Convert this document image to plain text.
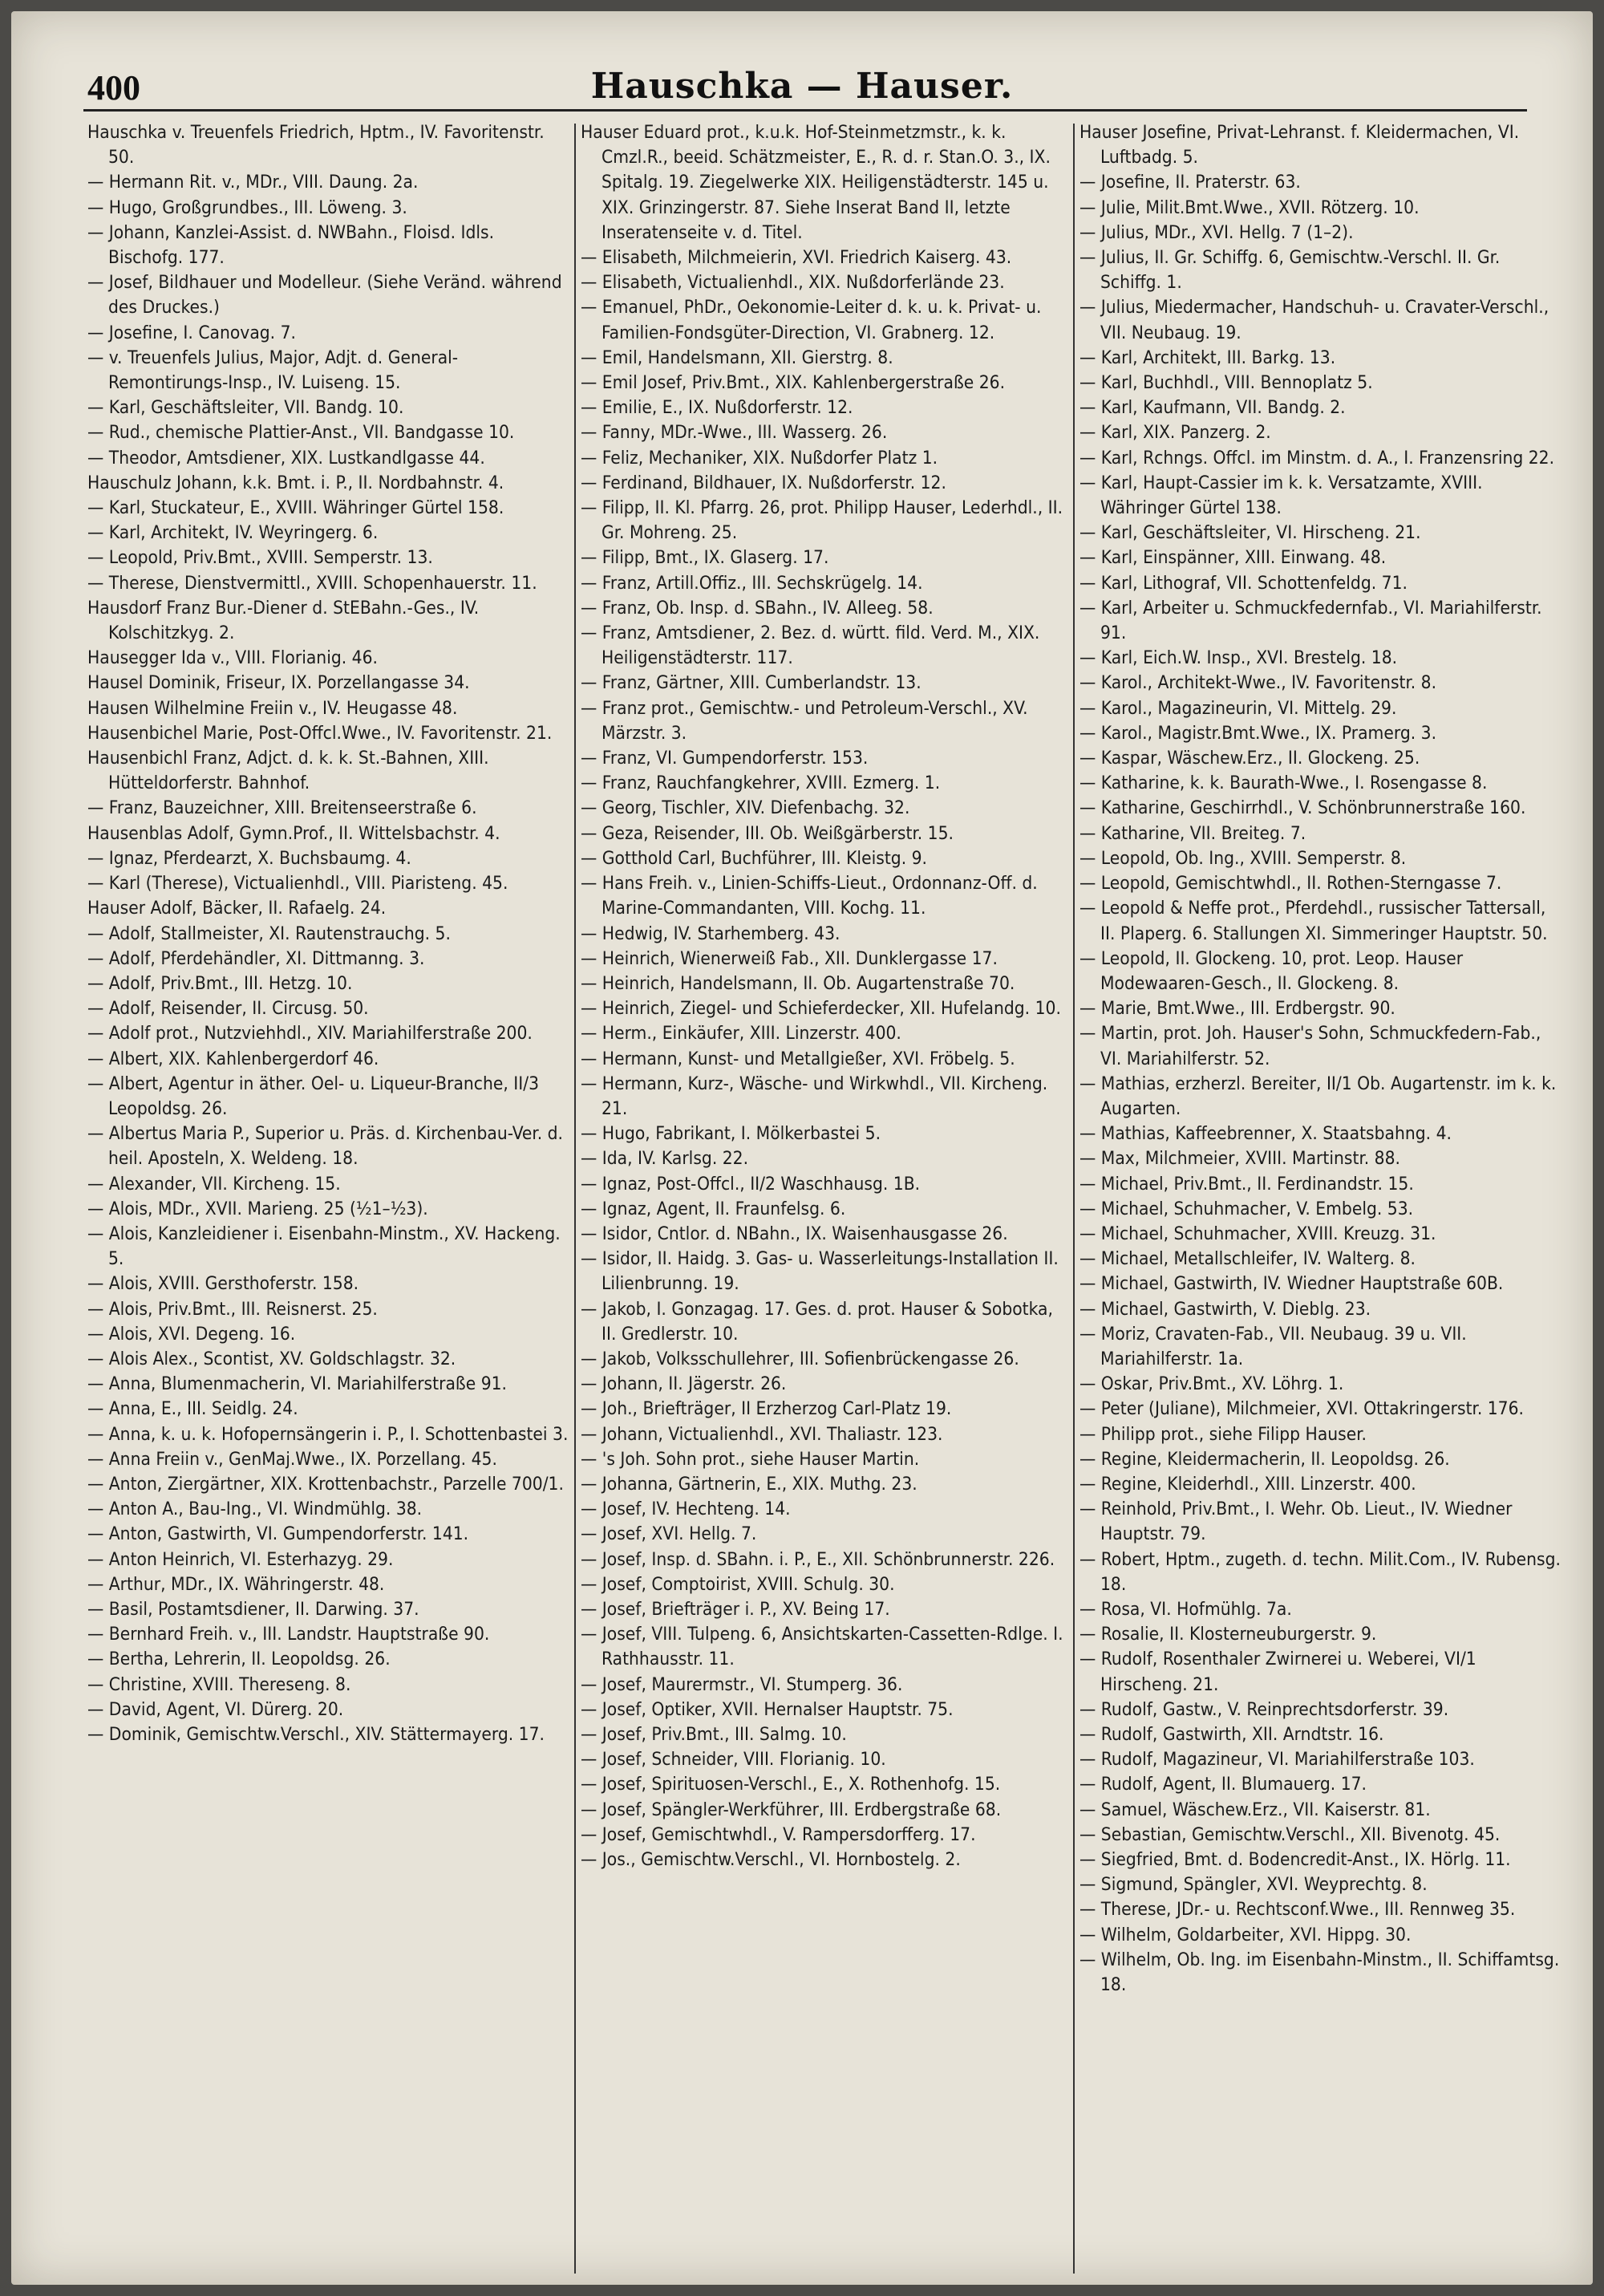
400	Hauschka — Hauser.

Hauschka v. Treuenfels Friedrich, Hptm., IV. Favoritenstr. 50.

— Hermann Rit. v., MDr., VIII. Daung. 2a.

— Hugo, Großgrundbes., III. Löweng. 3.

— Johann, Kanzlei-Assist. d. NWBahn., Floisd. Idls. Bischofg. 177.

— Josef, Bildhauer und Modelleur. (Siehe Veränd. während des Druckes.)

— Josefine, I. Canovag. 7.

— v. Treuenfels Julius, Major, Adjt. d. General-Remontirungs-Insp., IV. Luiseng. 15.

— Karl, Geschäftsleiter, VII. Bandg. 10.

— Rud., chemische Plattier-Anst., VII. Bandgasse 10.

— Theodor, Amtsdiener, XIX. Lustkandlgasse 44.

Hauschulz Johann, k.k. Bmt. i. P., II. Nordbahnstr. 4.

— Karl, Stuckateur, E., XVIII. Währinger Gürtel 158.

— Karl, Architekt, IV. Weyringerg. 6.

— Leopold, Priv.Bmt., XVIII. Semperstr. 13.

— Therese, Dienstvermittl., XVIII. Schopenhauerstr. 11.

Hausdorf Franz Bur.-Diener d. StEBahn.-Ges., IV. Kolschitzkyg. 2.

Hausegger Ida v., VIII. Florianig. 46.

Hausel Dominik, Friseur, IX. Porzellangasse 34.

Hausen Wilhelmine Freiin v., IV. Heugasse 48.

Hausenbichel Marie, Post-Offcl.Wwe., IV. Favoritenstr. 21.

Hausenbichl Franz, Adjct. d. k. k. St.-Bahnen, XIII. Hütteldorferstr. Bahnhof.

— Franz, Bauzeichner, XIII. Breitenseerstraße 6.

Hausenblas Adolf, Gymn.Prof., II. Wittelsbachstr. 4.

— Ignaz, Pferdearzt, X. Buchsbaumg. 4.

— Karl (Therese), Victualienhdl., VIII. Piaristeng. 45.

Hauser Adolf, Bäcker, II. Rafaelg. 24.

— Adolf, Stallmeister, XI. Rautenstrauchg. 5.

— Adolf, Pferdehändler, XI. Dittmanng. 3.

— Adolf, Priv.Bmt., III. Hetzg. 10.

— Adolf, Reisender, II. Circusg. 50.

— Adolf prot., Nutzviehhdl., XIV. Mariahilferstraße 200.

— Albert, XIX. Kahlenbergerdorf 46.

— Albert, Agentur in äther. Oel- u. Liqueur-Branche, II/3 Leopoldsg. 26.

— Albertus Maria P., Superior u. Präs. d. Kirchenbau-Ver. d. heil. Aposteln, X. Weldeng. 18.

— Alexander, VII. Kircheng. 15.

— Alois, MDr., XVII. Marieng. 25 (½1–½3).

— Alois, Kanzleidiener i. Eisenbahn-Minstm., XV. Hackeng. 5.

— Alois, XVIII. Gersthoferstr. 158.

— Alois, Priv.Bmt., III. Reisnerst. 25.

— Alois, XVI. Degeng. 16.

— Alois Alex., Scontist, XV. Goldschlagstr. 32.

— Anna, Blumenmacherin, VI. Mariahilferstraße 91.

— Anna, E., III. Seidlg. 24.

— Anna, k. u. k. Hofopernsängerin i. P., I. Schottenbastei 3.

— Anna Freiin v., GenMaj.Wwe., IX. Porzellang. 45.

— Anton, Ziergärtner, XIX. Krottenbachstr., Parzelle 700/1.

— Anton A., Bau-Ing., VI. Windmühlg. 38.

— Anton, Gastwirth, VI. Gumpendorferstr. 141.

— Anton Heinrich, VI. Esterhazyg. 29.

— Arthur, MDr., IX. Währingerstr. 48.

— Basil, Postamtsdiener, II. Darwing. 37.

— Bernhard Freih. v., III. Landstr. Hauptstraße 90.

— Bertha, Lehrerin, II. Leopoldsg. 26.

— Christine, XVIII. Thereseng. 8.

— David, Agent, VI. Dürerg. 20.

— Dominik, Gemischtw.Verschl., XIV. Stättermayerg. 17.

Hauser Eduard prot., k.u.k. Hof-Steinmetzmstr., k. k. Cmzl.R., beeid. Schätzmeister, E., R. d. r. Stan.O. 3., IX. Spitalg. 19. Ziegelwerke XIX. Heiligenstädterstr. 145 u. XIX. Grinzingerstr. 87. Siehe Inserat Band II, letzte Inseratenseite v. d. Titel.

— Elisabeth, Milchmeierin, XVI. Friedrich Kaiserg. 43.

— Elisabeth, Victualienhdl., XIX. Nußdorferlände 23.

— Emanuel, PhDr., Oekonomie-Leiter d. k. u. k. Privat- u. Familien-Fondsgüter-Direction, VI. Grabnerg. 12.

— Emil, Handelsmann, XII. Gierstrg. 8.

— Emil Josef, Priv.Bmt., XIX. Kahlenbergerstraße 26.

— Emilie, E., IX. Nußdorferstr. 12.

— Fanny, MDr.-Wwe., III. Wasserg. 26.

— Feliz, Mechaniker, XIX. Nußdorfer Platz 1.

— Ferdinand, Bildhauer, IX. Nußdorferstr. 12.

— Filipp, II. Kl. Pfarrg. 26, prot. Philipp Hauser, Lederhdl., II. Gr. Mohreng. 25.

— Filipp, Bmt., IX. Glaserg. 17.

— Franz, Artill.Offiz., III. Sechskrügelg. 14.

— Franz, Ob. Insp. d. SBahn., IV. Alleeg. 58.

— Franz, Amtsdiener, 2. Bez. d. württ. fild. Verd. M., XIX. Heiligenstädterstr. 117.

— Franz, Gärtner, XIII. Cumberlandstr. 13.

— Franz prot., Gemischtw.- und Petroleum-Verschl., XV. Märzstr. 3.

— Franz, VI. Gumpendorferstr. 153.

— Franz, Rauchfangkehrer, XVIII. Ezmerg. 1.

— Georg, Tischler, XIV. Diefenbachg. 32.

— Geza, Reisender, III. Ob. Weißgärberstr. 15.

— Gotthold Carl, Buchführer, III. Kleistg. 9.

— Hans Freih. v., Linien-Schiffs-Lieut., Ordonnanz-Off. d. Marine-Commandanten, VIII. Kochg. 11.

— Hedwig, IV. Starhemberg. 43.

— Heinrich, Wienerweiß Fab., XII. Dunklergasse 17.

— Heinrich, Handelsmann, II. Ob. Augartenstraße 70.

— Heinrich, Ziegel- und Schieferdecker, XII. Hufelandg. 10.

— Herm., Einkäufer, XIII. Linzerstr. 400.

— Hermann, Kunst- und Metallgießer, XVI. Fröbelg. 5.

— Hermann, Kurz-, Wäsche- und Wirkwhdl., VII. Kircheng. 21.

— Hugo, Fabrikant, I. Mölkerbastei 5.

— Ida, IV. Karlsg. 22.

— Ignaz, Post-Offcl., II/2 Waschhausg. 1B.

— Ignaz, Agent, II. Fraunfelsg. 6.

— Isidor, Cntlor. d. NBahn., IX. Waisenhausgasse 26.

— Isidor, II. Haidg. 3. Gas- u. Wasserleitungs-Installation II. Lilienbrunng. 19.

— Jakob, I. Gonzagag. 17. Ges. d. prot. Hauser & Sobotka, II. Gredlerstr. 10.

— Jakob, Volksschullehrer, III. Sofienbrückengasse 26.

— Johann, II. Jägerstr. 26.

— Joh., Briefträger, II Erzherzog Carl-Platz 19.

— Johann, Victualienhdl., XVI. Thaliastr. 123.

— 's Joh. Sohn prot., siehe Hauser Martin.

— Johanna, Gärtnerin, E., XIX. Muthg. 23.

— Josef, IV. Hechteng. 14.

— Josef, XVI. Hellg. 7.

— Josef, Insp. d. SBahn. i. P., E., XII. Schönbrunnerstr. 226.

— Josef, Comptoirist, XVIII. Schulg. 30.

— Josef, Briefträger i. P., XV. Being 17.

— Josef, VIII. Tulpeng. 6, Ansichtskarten-Cassetten-Rdlge. I. Rathhausstr. 11.

— Josef, Maurermstr., VI. Stumperg. 36.

— Josef, Optiker, XVII. Hernalser Hauptstr. 75.

— Josef, Priv.Bmt., III. Salmg. 10.

— Josef, Schneider, VIII. Florianig. 10.

— Josef, Spirituosen-Verschl., E., X. Rothenhofg. 15.

— Josef, Spängler-Werkführer, III. Erdbergstraße 68.

— Josef, Gemischtwhdl., V. Rampersdorfferg. 17.

— Jos., Gemischtw.Verschl., VI. Hornbostelg. 2.

Hauser Josefine, Privat-Lehranst. f. Kleidermachen, VI. Luftbadg. 5.

— Josefine, II. Praterstr. 63.

— Julie, Milit.Bmt.Wwe., XVII. Rötzerg. 10.

— Julius, MDr., XVI. Hellg. 7 (1–2).

— Julius, II. Gr. Schiffg. 6, Gemischtw.-Verschl. II. Gr. Schiffg. 1.

— Julius, Miedermacher, Handschuh- u. Cravater-Verschl., VII. Neubaug. 19.

— Karl, Architekt, III. Barkg. 13.

— Karl, Buchhdl., VIII. Bennoplatz 5.

— Karl, Kaufmann, VII. Bandg. 2.

— Karl, XIX. Panzerg. 2.

— Karl, Rchngs. Offcl. im Minstm. d. A., I. Franzensring 22.

— Karl, Haupt-Cassier im k. k. Versatzamte, XVIII. Währinger Gürtel 138.

— Karl, Geschäftsleiter, VI. Hirscheng. 21.

— Karl, Einspänner, XIII. Einwang. 48.

— Karl, Lithograf, VII. Schottenfeldg. 71.

— Karl, Arbeiter u. Schmuckfedernfab., VI. Mariahilferstr. 91.

— Karl, Eich.W. Insp., XVI. Brestelg. 18.

— Karol., Architekt-Wwe., IV. Favoritenstr. 8.

— Karol., Magazineurin, VI. Mittelg. 29.

— Karol., Magistr.Bmt.Wwe., IX. Pramerg. 3.

— Kaspar, Wäschew.Erz., II. Glockeng. 25.

— Katharine, k. k. Baurath-Wwe., I. Rosengasse 8.

— Katharine, Geschirrhdl., V. Schönbrunnerstraße 160.

— Katharine, VII. Breiteg. 7.

— Leopold, Ob. Ing., XVIII. Semperstr. 8.

— Leopold, Gemischtwhdl., II. Rothen-Sterngasse 7.

— Leopold & Neffe prot., Pferdehdl., russischer Tattersall, II. Plaperg. 6. Stallungen XI. Simmeringer Hauptstr. 50.

— Leopold, II. Glockeng. 10, prot. Leop. Hauser Modewaaren-Gesch., II. Glockeng. 8.

— Marie, Bmt.Wwe., III. Erdbergstr. 90.

— Martin, prot. Joh. Hauser's Sohn, Schmuckfedern-Fab., VI. Mariahilferstr. 52.

— Mathias, erzherzl. Bereiter, II/1 Ob. Augartenstr. im k. k. Augarten.

— Mathias, Kaffeebrenner, X. Staatsbahng. 4.

— Max, Milchmeier, XVIII. Martinstr. 88.

— Michael, Priv.Bmt., II. Ferdinandstr. 15.

— Michael, Schuhmacher, V. Embelg. 53.

— Michael, Schuhmacher, XVIII. Kreuzg. 31.

— Michael, Metallschleifer, IV. Walterg. 8.

— Michael, Gastwirth, IV. Wiedner Hauptstraße 60B.

— Michael, Gastwirth, V. Dieblg. 23.

— Moriz, Cravaten-Fab., VII. Neubaug. 39 u. VII. Mariahilferstr. 1a.

— Oskar, Priv.Bmt., XV. Löhrg. 1.

— Peter (Juliane), Milchmeier, XVI. Ottakringerstr. 176.

— Philipp prot., siehe Filipp Hauser.

— Regine, Kleidermacherin, II. Leopoldsg. 26.

— Regine, Kleiderhdl., XIII. Linzerstr. 400.

— Reinhold, Priv.Bmt., I. Wehr. Ob. Lieut., IV. Wiedner Hauptstr. 79.

— Robert, Hptm., zugeth. d. techn. Milit.Com., IV. Rubensg. 18.

— Rosa, VI. Hofmühlg. 7a.

— Rosalie, II. Klosterneuburgerstr. 9.

— Rudolf, Rosenthaler Zwirnerei u. Weberei, VI/1 Hirscheng. 21.

— Rudolf, Gastw., V. Reinprechtsdorferstr. 39.

— Rudolf, Gastwirth, XII. Arndtstr. 16.

— Rudolf, Magazineur, VI. Mariahilferstraße 103.

— Rudolf, Agent, II. Blumauerg. 17.

— Samuel, Wäschew.Erz., VII. Kaiserstr. 81.

— Sebastian, Gemischtw.Verschl., XII. Bivenotg. 45.

— Siegfried, Bmt. d. Bodencredit-Anst., IX. Hörlg. 11.

— Sigmund, Spängler, XVI. Weyprechtg. 8.

— Therese, JDr.- u. Rechtsconf.Wwe., III. Rennweg 35.

— Wilhelm, Goldarbeiter, XVI. Hippg. 30.

— Wilhelm, Ob. Ing. im Eisenbahn-Minstm., II. Schiffamtsg. 18.
